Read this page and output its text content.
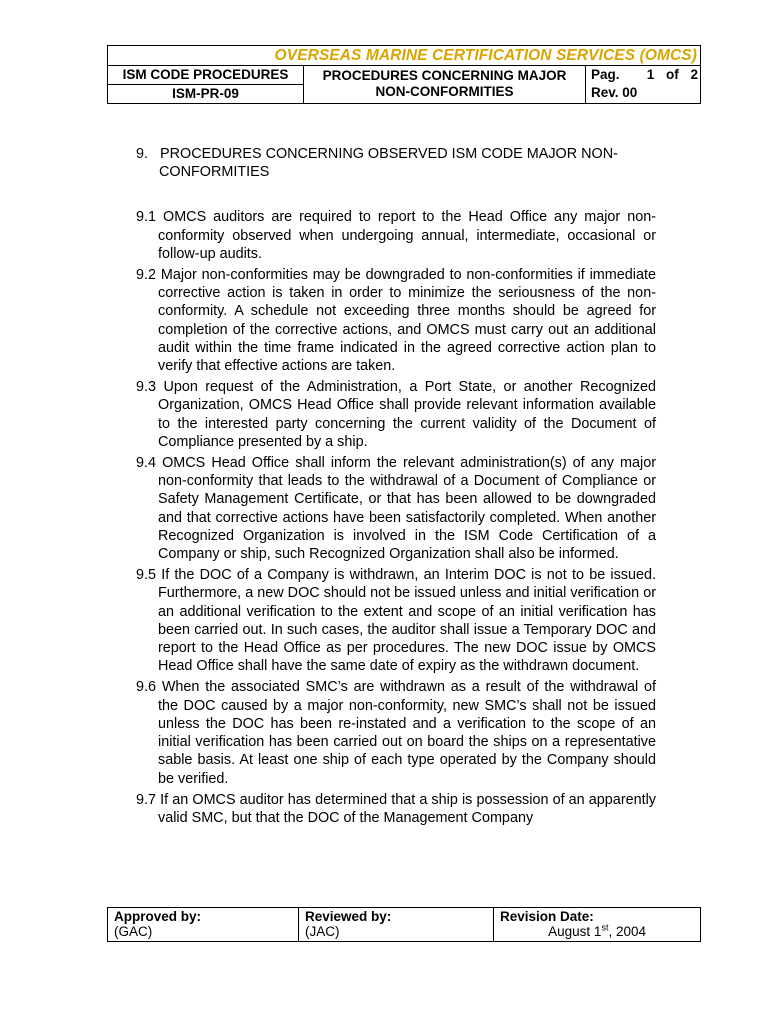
OVERSEAS MARINE CERTIFICATION SERVICES (OMCS)
ISM CODE PROCEDURES
ISM-PR-09
PROCEDURES CONCERNING MAJOR
NON-CONFORMITIES
Pag.	1 of 2
Rev. 00
9. PROCEDURES CONCERNING OBSERVED ISM CODE MAJOR NON-CONFORMITIES
9.1 OMCS auditors are required to report to the Head Office any major non-conformity observed when undergoing annual, intermediate, occasional or follow-up audits.
9.2 Major non-conformities may be downgraded to non-conformities if immediate corrective action is taken in order to minimize the seriousness of the non-conformity. A schedule not exceeding three months should be agreed for completion of the corrective actions, and OMCS must carry out an additional audit within the time frame indicated in the agreed corrective action plan to verify that effective actions are taken.
9.3 Upon request of the Administration, a Port State, or another Recognized Organization, OMCS Head Office shall provide relevant information available to the interested party concerning the current validity of the Document of Compliance presented by a ship.
9.4 OMCS Head Office shall inform the relevant administration(s) of any major non-conformity that leads to the withdrawal of a Document of Compliance or Safety Management Certificate, or that has been allowed to be downgraded and that corrective actions have been satisfactorily completed. When another Recognized Organization is involved in the ISM Code Certification of a Company or ship, such Recognized Organization shall also be informed.
9.5 If the DOC of a Company is withdrawn, an Interim DOC is not to be issued. Furthermore, a new DOC should not be issued unless and initial verification or an additional verification to the extent and scope of an initial verification has been carried out. In such cases, the auditor shall issue a Temporary DOC and report to the Head Office as per procedures. The new DOC issue by OMCS Head Office shall have the same date of expiry as the withdrawn document.
9.6 When the associated SMC’s are withdrawn as a result of the withdrawal of the DOC caused by a major non-conformity, new SMC’s shall not be issued unless the DOC has been re-instated and a verification to the scope of an initial verification has been carried out on board the ships on a representative sable basis. At least one ship of each type operated by the Company should be verified.
9.7 If an OMCS auditor has determined that a ship is possession of an apparently valid SMC, but that the DOC of the Management Company
Approved by:
(GAC)
Reviewed by:
(JAC)
Revision Date:
August 1st, 2004
